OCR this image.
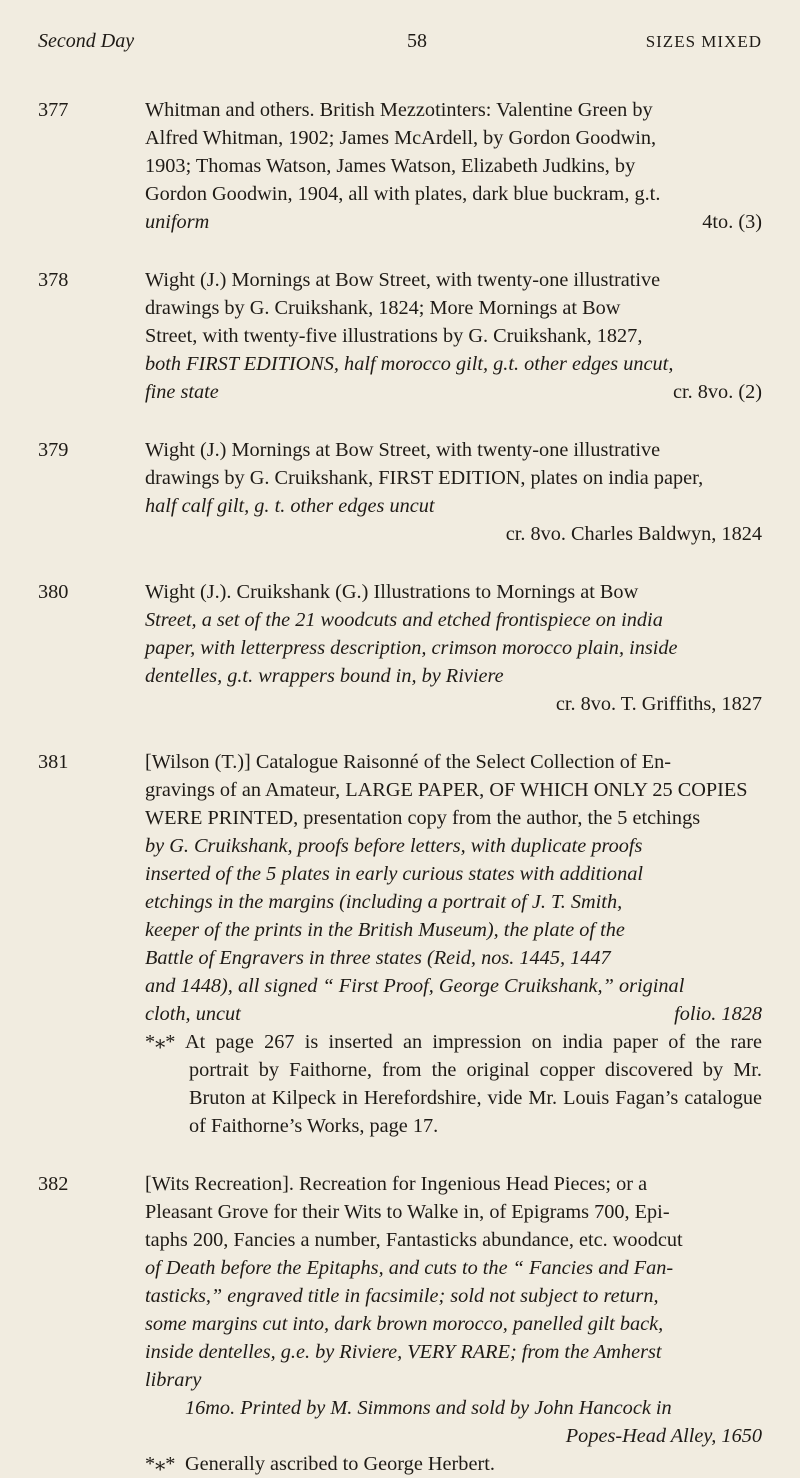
Second Day	58	SIZES MIXED
377	Whitman and others. British Mezzotinters: Valentine Green by
Alfred Whitman, 1902; James McArdell, by Gordon Goodwin,
1903; Thomas Watson, James Watson, Elizabeth Judkins, by
Gordon Goodwin, 1904, all with plates, dark blue buckram, g.t.
uniform	4to. (3)
378	Wight (J.) Mornings at Bow Street, with twenty-one illustrative
drawings by G. Cruikshank, 1824; More Mornings at Bow
Street, with twenty-five illustrations by G. Cruikshank, 1827,
both FIRST EDITIONS, half morocco gilt, g.t. other edges uncut,
fine state	cr. 8vo. (2)
379	Wight (J.) Mornings at Bow Street, with twenty-one illustrative
drawings by G. Cruikshank, FIRST EDITION, plates on india paper,
half calf gilt, g. t. other edges uncut
cr. 8vo. Charles Baldwyn, 1824
380	Wight (J.). Cruikshank (G.) Illustrations to Mornings at Bow
Street, a set of the 21 woodcuts and etched frontispiece on india
paper, with letterpress description, crimson morocco plain, inside
dentelles, g.t. wrappers bound in, by Riviere
cr. 8vo. T. Griffiths, 1827
381	[Wilson (T.)] Catalogue Raisonné of the Select Collection of En-
gravings of an Amateur, LARGE PAPER, OF WHICH ONLY 25 COPIES
WERE PRINTED, presentation copy from the author, the 5 etchings
by G. Cruikshank, proofs before letters, with duplicate proofs
inserted of the 5 plates in early curious states with additional
etchings in the margins (including a portrait of J. T. Smith,
keeper of the prints in the British Museum), the plate of the
Battle of Engravers in three states (Reid, nos. 1445, 1447
and 1448), all signed “ First Proof, George Cruikshank,” original
cloth, uncut	folio. 1828
*⁎* At page 267 is inserted an impression on india paper of the rare portrait by Faithorne, from the original copper discovered by Mr. Bruton at Kilpeck in Herefordshire, vide Mr. Louis Fagan’s catalogue of Faithorne’s Works, page 17.
382	[Wits Recreation]. Recreation for Ingenious Head Pieces; or a
Pleasant Grove for their Wits to Walke in, of Epigrams 700, Epi-
taphs 200, Fancies a number, Fantasticks abundance, etc. woodcut
of Death before the Epitaphs, and cuts to the “ Fancies and Fan-
tasticks,” engraved title in facsimile; sold not subject to return,
some margins cut into, dark brown morocco, panelled gilt back,
inside dentelles, g.e. by Riviere, VERY RARE; from the Amherst
library
16mo. Printed by M. Simmons and sold by John Hancock in
Popes-Head Alley, 1650
*⁎* Generally ascribed to George Herbert.
